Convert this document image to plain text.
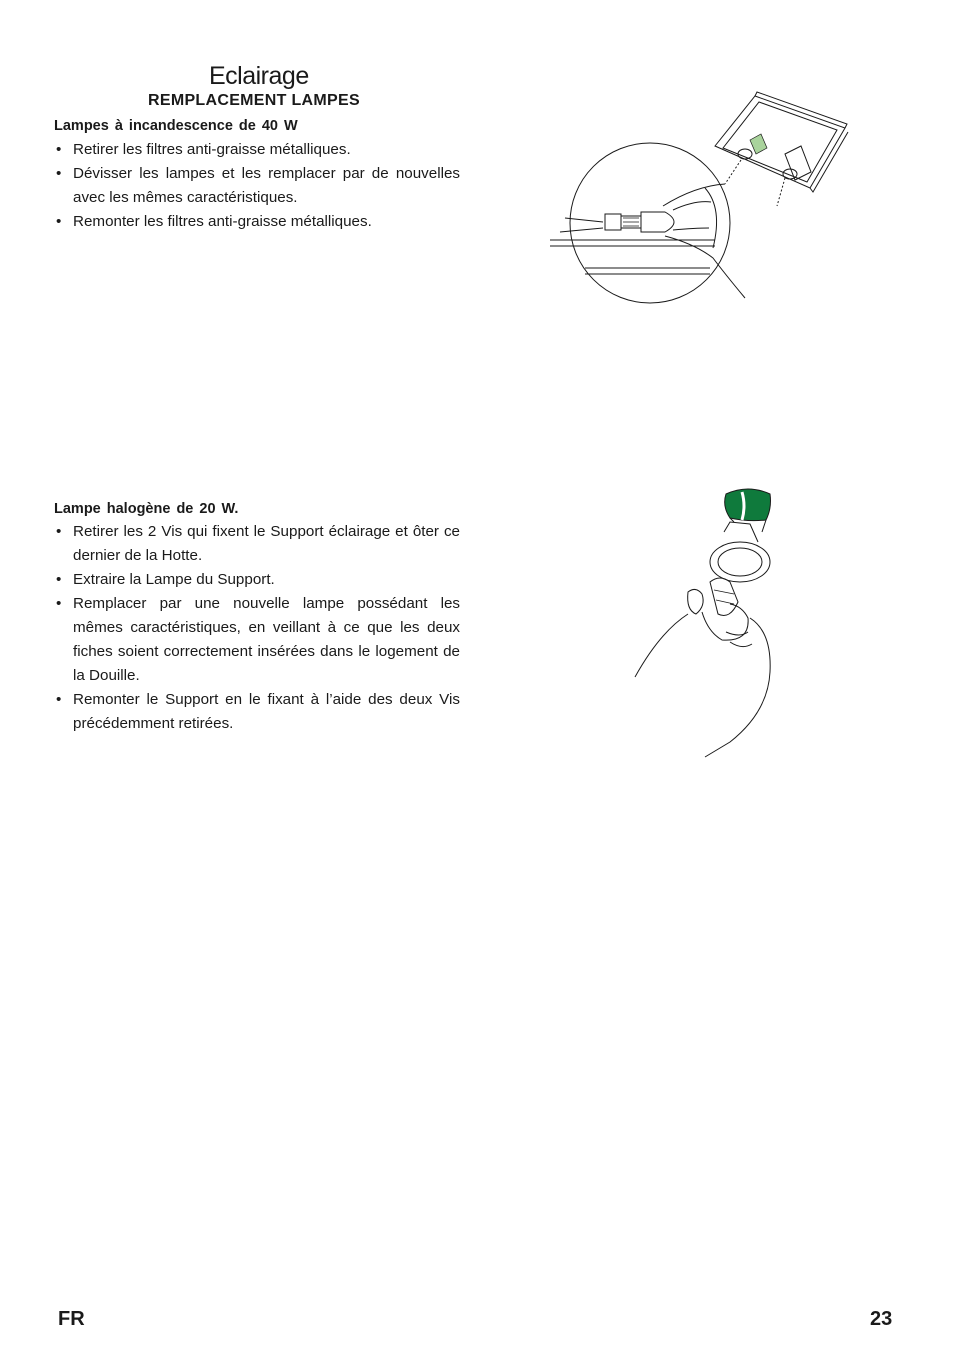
Eclairage
REMPLACEMENT LAMPES
Lampes à incandescence de 40 W
• Retirer les filtres anti-graisse métalliques.
• Dévisser les lampes et les remplacer par de nouvelles avec les mêmes caractéristiques.
• Remonter les filtres anti-graisse métalliques.
Lampe halogène de 20 W.
• Retirer les 2 Vis qui fixent le Support éclairage et ôter ce dernier de la Hotte.
• Extraire la Lampe du Support.
• Remplacer par une nouvelle lampe possédant les mêmes caractéristiques, en veillant à ce que les deux fiches soient correctement insérées dans le logement de la Douille.
• Remonter le Support en le fixant à l’aide des deux Vis précédemment retirées.
FR	23
